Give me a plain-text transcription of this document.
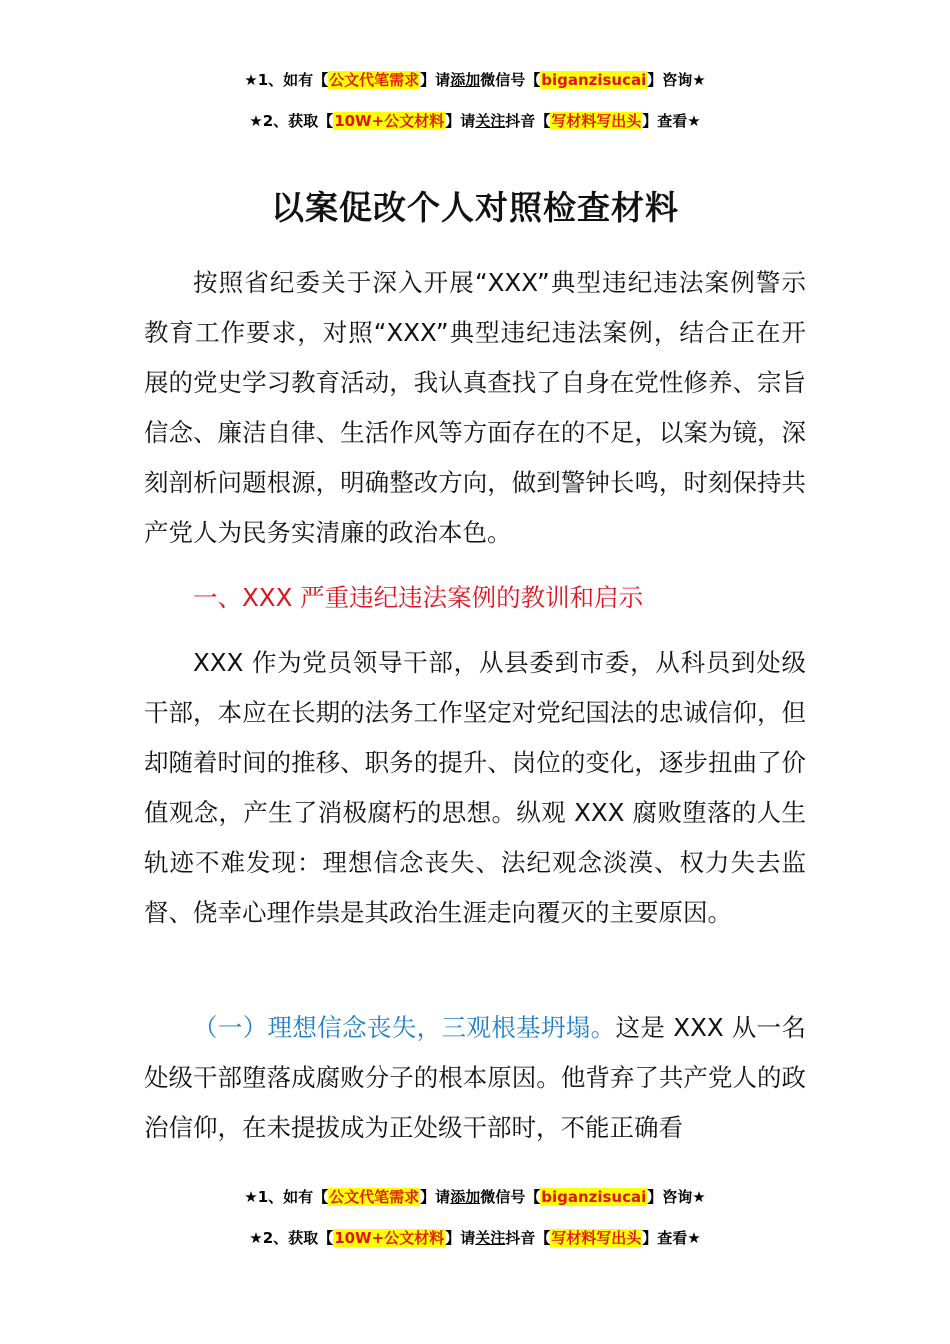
★1、如有【公文代笔需求】请添加微信号【biganzisucai】咨询★
★2、获取【10W+公文材料】请关注抖音【写材料写出头】查看★
以案促改个人对照检查材料

按照省纪委关于深入开展“XXX”典型违纪违法案例警示教育工作要求，对照“XXX”典型违纪违法案例，结合正在开展的党史学习教育活动，我认真查找了自身在党性修养、宗旨信念、廉洁自律、生活作风等方面存在的不足，以案为镜，深刻剖析问题根源，明确整改方向，做到警钟长鸣，时刻保持共产党人为民务实清廉的政治本色。

一、XXX 严重违纪违法案例的教训和启示

XXX 作为党员领导干部，从县委到市委，从科员到处级干部，本应在长期的法务工作坚定对党纪国法的忠诚信仰，但却随着时间的推移、职务的提升、岗位的变化，逐步扭曲了价值观念，产生了消极腐朽的思想。纵观 XXX 腐败堕落的人生轨迹不难发现：理想信念丧失、法纪观念淡漠、权力失去监督、侥幸心理作祟是其政治生涯走向覆灭的主要原因。

（一）理想信念丧失，三观根基坍塌。这是 XXX 从一名处级干部堕落成腐败分子的根本原因。他背弃了共产党人的政治信仰，在未提拔成为正处级干部时，不能正确看

★1、如有【公文代笔需求】请添加微信号【biganzisucai】咨询★
★2、获取【10W+公文材料】请关注抖音【写材料写出头】查看★
